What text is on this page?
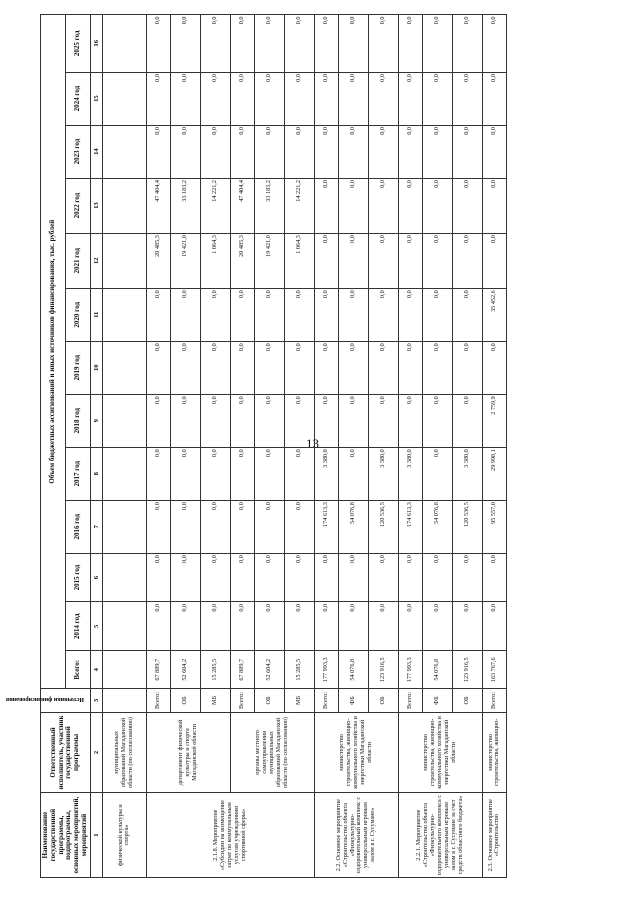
13
Наименование государственной программы, подпрограммы, основных мероприятий, мероприятий	Ответственный исполнитель, участник государственной программы	Источники финансирования	Объем бюджетных ассигнований и иных источников финансирования, тыс. рублей												
			Всего:	2014 год	2015 год	2016 год	2017 год	2018 год	2019 год	2020 год	2021 год	2022 год	2023 год	2024 год	2025 год
1	2	3	4	5	6	7	8	9	10	11	12	13	14	15	16
физической культуры и спорта»	муниципальных образований Магаданской области (по согласованию)														
2.1.8. Мероприятие «Субсидии на возмещение затрат по коммунальным услугам учреждениям спортивной сферы»	департамент физической культуры и спорта Магаданской области	Всего:	67 889,7	0,0	0,0	0,0	0,0	0,0	0,0	0,0	20 485,3	47 404,4	0,0	0,0	0,0
		ОБ	52 604,2	0,0	0,0	0,0	0,0	0,0	0,0	0,0	19 421,0	33 183,2	0,0	0,0	0,0
		МБ	15 285,5	0,0	0,0	0,0	0,0	0,0	0,0	0,0	1 064,3	14 221,2	0,0	0,0	0,0
	органы местного самоуправления муниципальных образований Магаданской области (по согласованию)	Всего:	67 889,7	0,0	0,0	0,0	0,0	0,0	0,0	0,0	20 485,3	47 404,4	0,0	0,0	0,0
		ОБ	52 604,2	0,0	0,0	0,0	0,0	0,0	0,0	0,0	19 421,0	33 183,2	0,0	0,0	0,0
		МБ	15 285,5	0,0	0,0	0,0	0,0	0,0	0,0	0,0	1 064,3	14 221,2	0,0	0,0	0,0
2.2. Основное мероприятие «Строительство объекта «Физкультурно-оздоровительный комплекс с универсальным игровым залом в г. Сусумане»	министерство строительства, жилищно-коммунального хозяйства и энергетики Магаданской области	Всего:	177 993,3	0,0	0,0	174 613,3	3 380,0	0,0	0,0	0,0	0,0	0,0	0,0	0,0	0,0
		ФБ	54 076,8	0,0	0,0	54 076,8	0,0	0,0	0,0	0,0	0,0	0,0	0,0	0,0	0,0
		ОБ	123 916,5	0,0	0,0	120 536,5	3 380,0	0,0	0,0	0,0	0,0	0,0	0,0	0,0	0,0
2.2.1. Мероприятие «Строительство объекта «Физкультурно-оздоровительного комплекса с универсальным игровым залом в г. Сусумане за счет средств областного бюджета»	министерство строительства, жилищно-коммунального хозяйства и энергетики Магаданской области	Всего:	177 993,3	0,0	0,0	174 613,3	3 380,0	0,0	0,0	0,0	0,0	0,0	0,0	0,0	0,0
		ФБ	54 076,8	0,0	0,0	54 076,8	0,0	0,0	0,0	0,0	0,0	0,0	0,0	0,0	0,0
		ОБ	123 916,5	0,0	0,0	120 536,5	3 380,0	0,0	0,0	0,0	0,0	0,0	0,0	0,0	0,0
2.3. Основное мероприятие «Строительство	министерство строительства, жилищно-	Всего:	163 767,6	0,0	0,0	95 557,0	29 998,1	2 759,9	0,0	35 452,6	0,0	0,0	0,0	0,0	0,0
